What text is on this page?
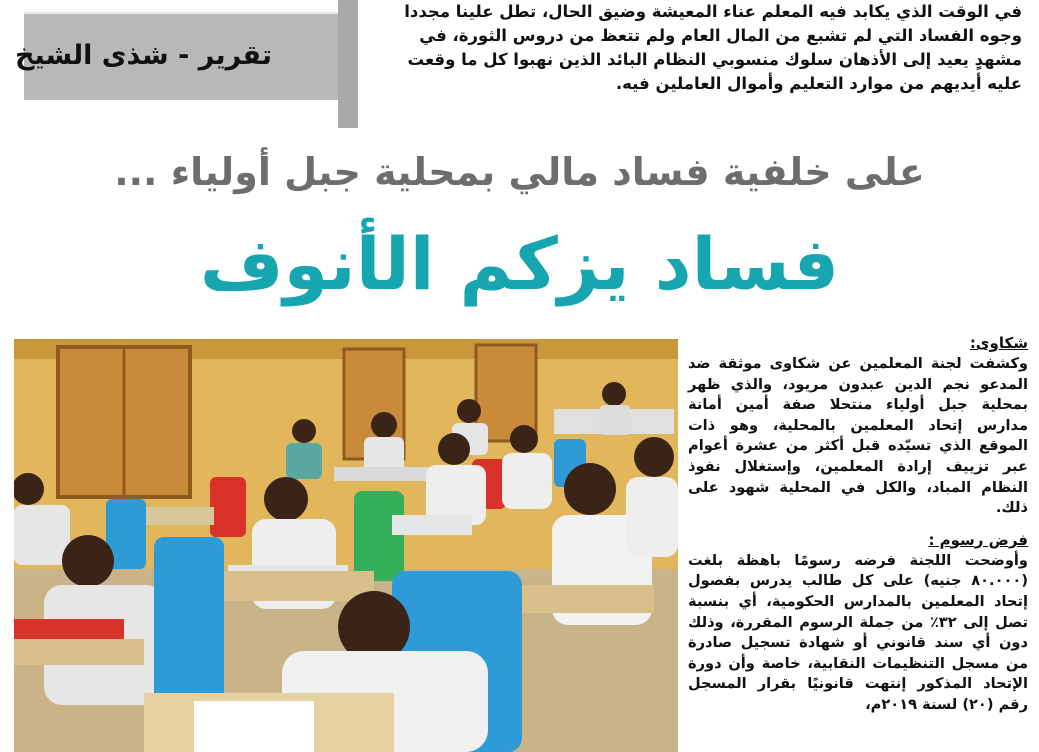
تقرير - شذى الشيخ

في الوقت الذي يكابد فيه المعلم عناء المعيشة وضيق الحال، تطل علينا مجددا وجوه الفساد التي لم تشبع من المال العام ولم تتعظ من دروس الثورة، في مشهدٍ يعيد إلى الأذهان سلوك منسوبي النظام البائد الذين نهبوا كل ما وقعت عليه أيديهم من موارد التعليم وأموال العاملين فيه.

على خلفية فساد مالي بمحلية جبل أولياء ...
فساد يزكم الأنوف
شكاوى:

وكشفت لجنة المعلمين عن شكاوى موثقة ضد المدعو نجم الدين عبدون مريود، والذي ظهر بمحلية جبل أولياء منتحلا صفة أمين أمانة مدارس إتحاد المعلمين بالمحلية، وهو ذات الموقع الذي تسيّده قبل أكثر من عشرة أعوام عبر تزييف إرادة المعلمين، وإستغلال نفوذ النظام المباد، والكل في المحلية شهود على ذلك.

فرض رسوم :

وأوضحت اللجنة فرضه رسومًا باهظة بلغت (٨٠.٠٠٠ جنيه) على كل طالب يدرس بفصول إتحاد المعلمين بالمدارس الحكومية، أي بنسبة تصل إلى ٣٢٪ من جملة الرسوم المقررة، وذلك دون أي سند قانوني أو شهادة تسجيل صادرة من مسجل التنظيمات النقابية، خاصة وأن دورة الإتحاد المذكور إنتهت قانونيًا بقرار المسجل رقم (٢٠) لسنة ٢٠١٩م،
